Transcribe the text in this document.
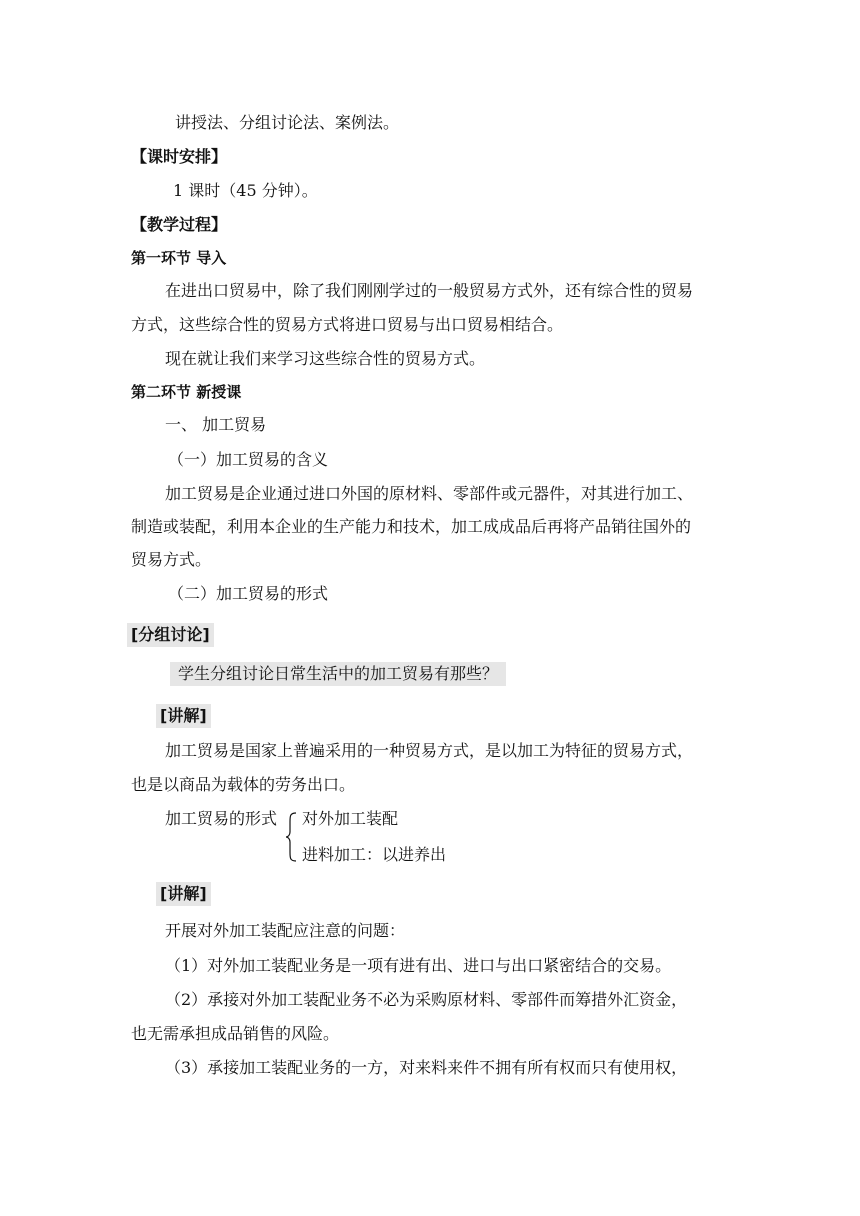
讲授法、分组讨论法、案例法。
【课时安排】
1 课时（45 分钟）。
【教学过程】
第一环节 导入
在进出口贸易中，除了我们刚刚学过的一般贸易方式外，还有综合性的贸易
方式，这些综合性的贸易方式将进口贸易与出口贸易相结合。
现在就让我们来学习这些综合性的贸易方式。
第二环节 新授课
一、 加工贸易
（一）加工贸易的含义
加工贸易是企业通过进口外国的原材料、零部件或元器件，对其进行加工、
制造或装配，利用本企业的生产能力和技术，加工成成品后再将产品销往国外的
贸易方式。
（二）加工贸易的形式
[分组讨论]
学生分组讨论日常生活中的加工贸易有那些？
[讲解]
加工贸易是国家上普遍采用的一种贸易方式，是以加工为特征的贸易方式，
也是以商品为载体的劳务出口。
加工贸易的形式 对外加工装配
进料加工：以进养出
[讲解]
开展对外加工装配应注意的问题：
（1）对外加工装配业务是一项有进有出、进口与出口紧密结合的交易。
（2）承接对外加工装配业务不必为采购原材料、零部件而筹措外汇资金，
也无需承担成品销售的风险。
（3）承接加工装配业务的一方，对来料来件不拥有所有权而只有使用权，
